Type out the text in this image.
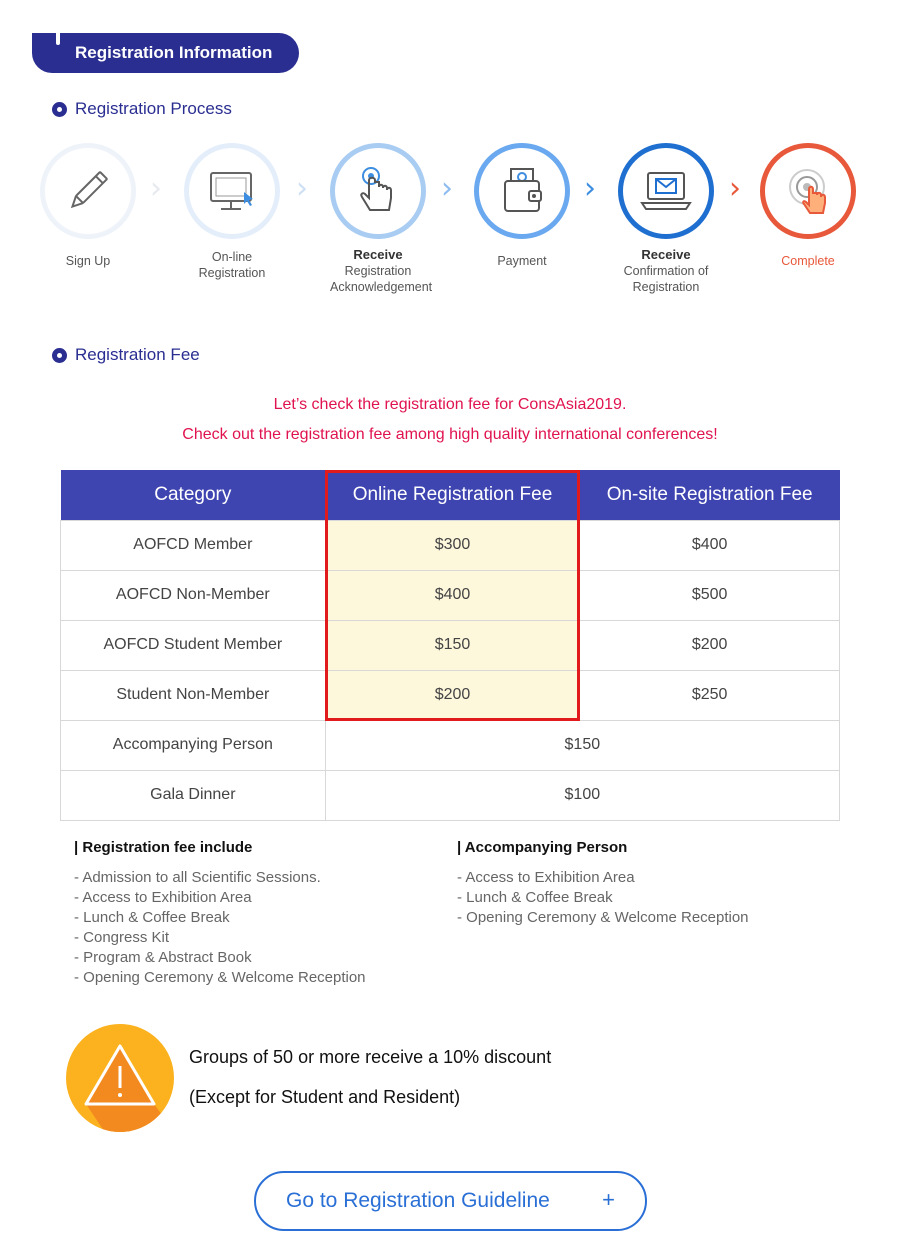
Registration Information
Registration Process
Sign Up
›
On-line
Registration
›
Receive
Registration
Acknowledgement
›
Payment
›
Receive
Confirmation of
Registration
›
Complete
Registration Fee
Let’s check the registration fee for ConsAsia2019.
Check out the registration fee among high quality international conferences!
Category	Online Registration Fee	On-site Registration Fee
AOFCD Member	$300	$400
AOFCD Non-Member	$400	$500
AOFCD Student Member	$150	$200
Student Non-Member	$200	$250
Accompanying Person	$150	
Gala Dinner	$100	
| Registration fee include
- Admission to all Scientific Sessions.
- Access to Exhibition Area
- Lunch & Coffee Break
- Congress Kit
- Program & Abstract Book
- Opening Ceremony & Welcome Reception
| Accompanying Person
- Access to Exhibition Area
- Lunch & Coffee Break
- Opening Ceremony & Welcome Reception
Groups of 50 or more receive a 10% discount
(Except for Student and Resident)
Go to Registration Guideline +
